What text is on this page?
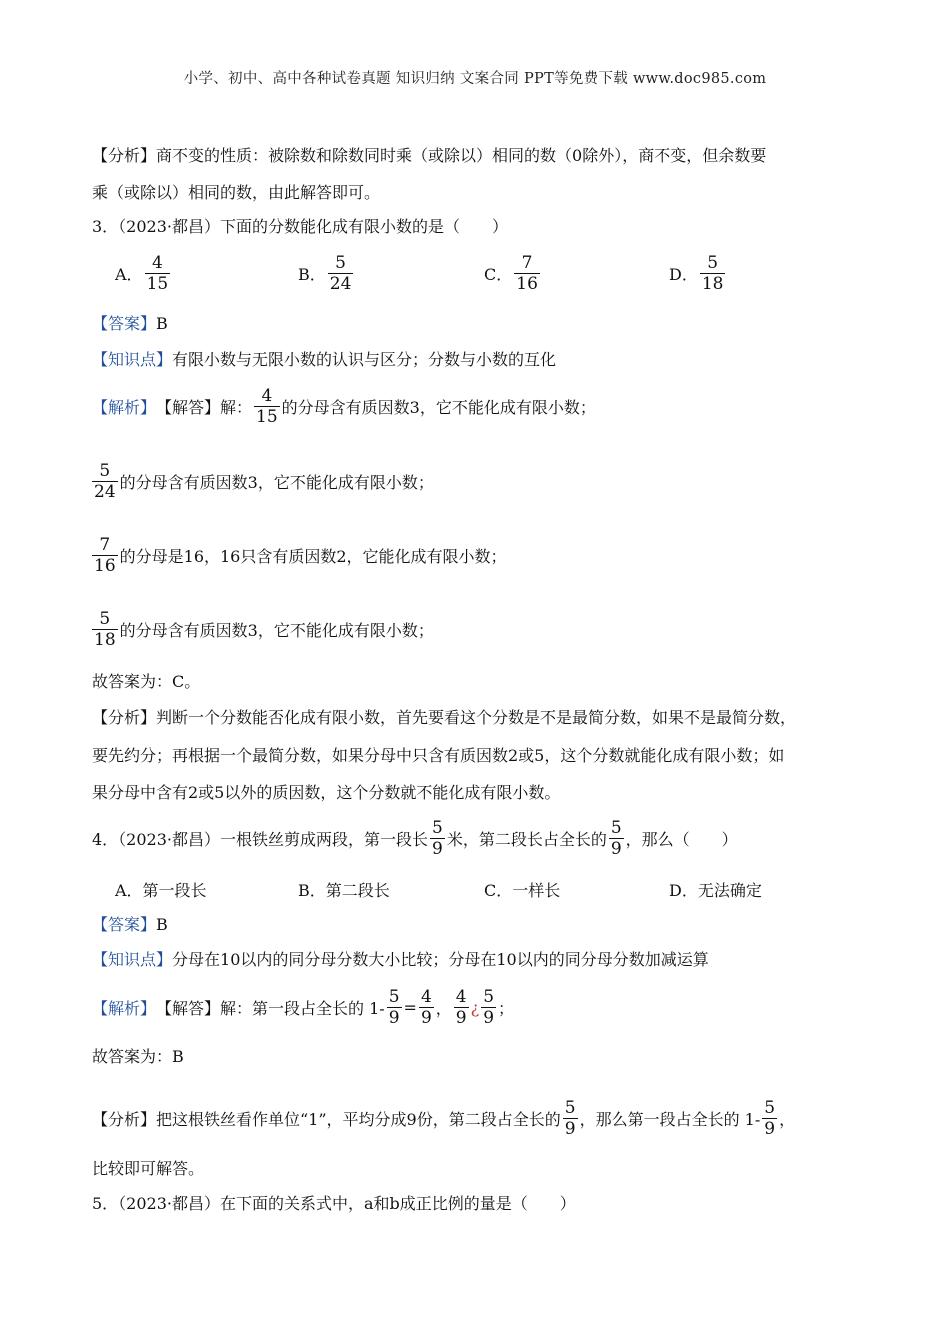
小学、初中、高中各种试卷真题 知识归纳 文案合同 PPT等免费下载 www.doc985.com
【分析】商不变的性质：被除数和除数同时乘（或除以）相同的数（0除外），商不变，但余数要
乘（或除以）相同的数，由此解答即可。
3．（2023·都昌）下面的分数能化成有限小数的是（　　）
A． $\frac{4}{15}$	B． $\frac{5}{24}$	C． $\frac{7}{16}$	D． $\frac{5}{18}$
【答案】B
【知识点】有限小数与无限小数的认识与区分；分数与小数的互化
【解析】 【解答】解： $\frac{4}{15}$ 的分母含有质因数3，它不能化成有限小数；
$\frac{5}{24}$ 的分母含有质因数3，它不能化成有限小数；
$\frac{7}{16}$ 的分母是16，16只含有质因数2，它能化成有限小数；
$\frac{5}{18}$ 的分母含有质因数3，它不能化成有限小数；
故答案为：C。
【分析】判断一个分数能否化成有限小数，首先要看这个分数是不是最简分数，如果不是最简分数，
要先约分；再根据一个最简分数，如果分母中只含有质因数2或5，这个分数就能化成有限小数；如
果分母中含有2或5以外的质因数，这个分数就不能化成有限小数。
4．（2023·都昌）一根铁丝剪成两段，第一段长 $\frac{5}{9}$ 米，第二段长占全长的 $\frac{5}{9}$ ，那么（　　）
A．第一段长	B．第二段长	C．一样长	D．无法确定
【答案】B
【知识点】分母在10以内的同分母分数大小比较；分母在10以内的同分母分数加减运算
【解析】 【解答】解：第一段占全长的 $1- \frac{5}{9} = \frac{4}{9}$ ， $\frac{4}{9}$ ¿ $\frac{5}{9}$ ；
故答案为：B
【分析】 把这根铁丝看作单位“1”，平均分成9份，第二段占全长的 $\frac{5}{9}$ ，那么第一段占全长的 $1- \frac{5}{9}$ ，
比较即可解答。
5．（2023·都昌）在下面的关系式中，a和b成正比例的量是（　　）
